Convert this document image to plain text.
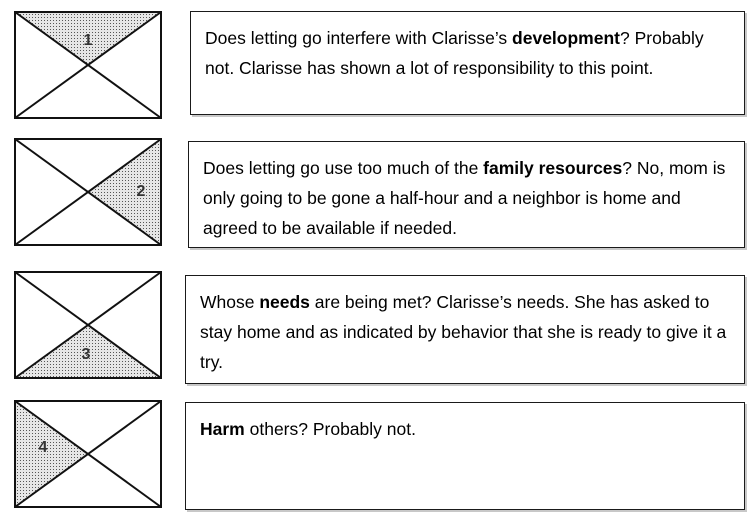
1	Does letting go interfere with Clarisse’s development? Probably not. Clarisse has shown a lot of responsibility to this point.
2
Does letting go use too much of the family resources? No, mom is only going to be gone a half-hour and a neighbor is home and agreed to be available if needed.
3
Whose needs are being met? Clarisse’s needs. She has asked to stay home and as indicated by behavior that she is ready to give it a try.
4
Harm others? Probably not.
